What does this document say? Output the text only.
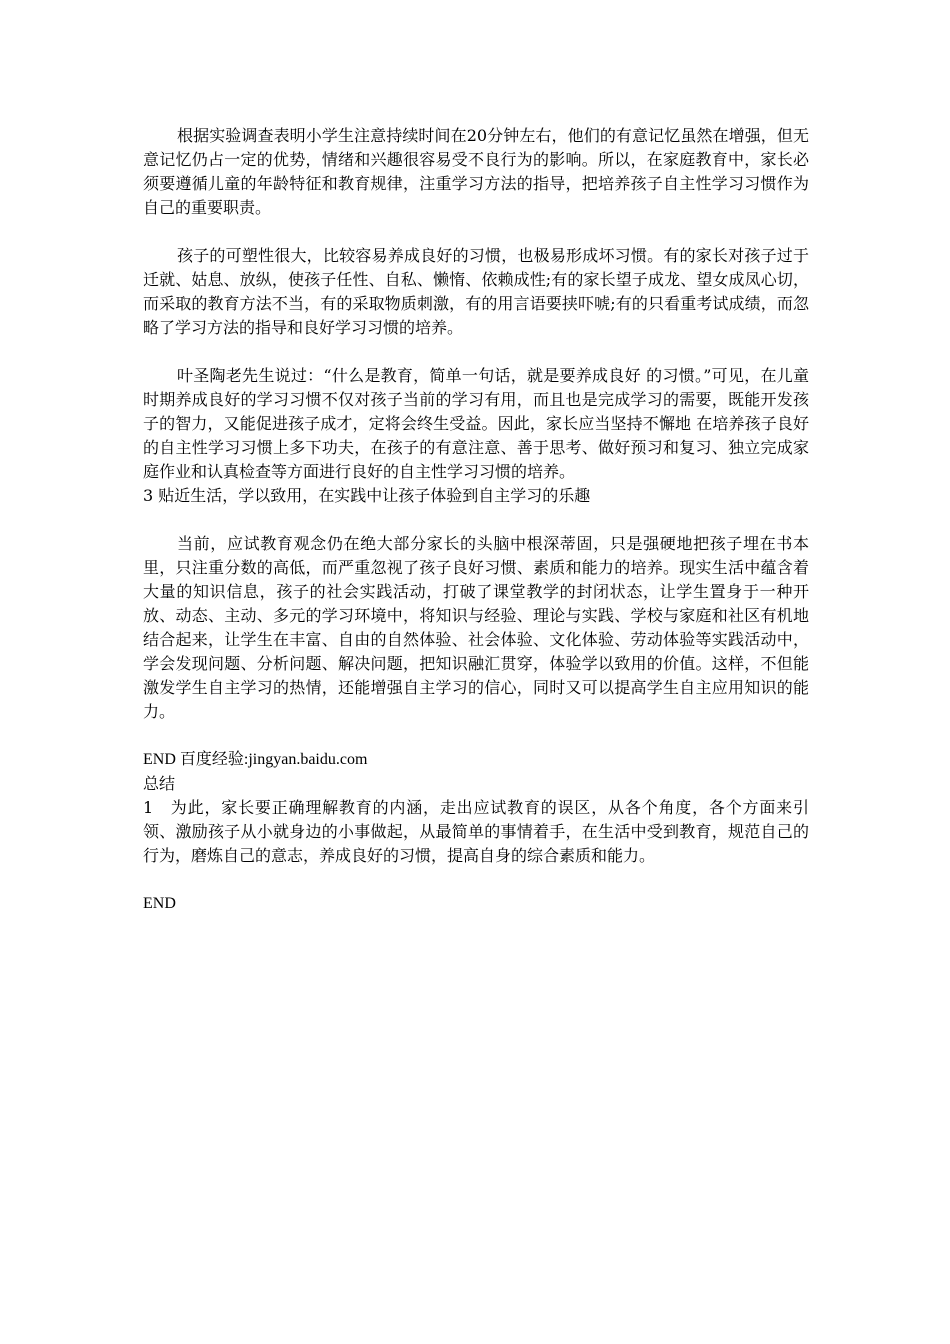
根据实验调查表明小学生注意持续时间在20分钟左右，他们的有意记忆虽然在增强，但无意记忆仍占一定的优势，情绪和兴趣很容易受不良行为的影响。所以，在家庭教育中，家长必须要遵循儿童的年龄特征和教育规律，注重学习方法的指导，把培养孩子自主性学习习惯作为自己的重要职责。

孩子的可塑性很大，比较容易养成良好的习惯，也极易形成坏习惯。有的家长对孩子过于迁就、姑息、放纵，使孩子任性、自私、懒惰、依赖成性;有的家长望子成龙、望女成凤心切，而采取的教育方法不当，有的采取物质刺激，有的用言语要挟吓唬;有的只看重考试成绩，而忽略了学习方法的指导和良好学习习惯的培养。

叶圣陶老先生说过：“什么是教育，简单一句话，就是要养成良好 的习惯。”可见，在儿童时期养成良好的学习习惯不仅对孩子当前的学习有用，而且也是完成学习的需要，既能开发孩子的智力，又能促进孩子成才，定将会终生受益。因此，家长应当坚持不懈地 在培养孩子良好的自主性学习习惯上多下功夫，在孩子的有意注意、善于思考、做好预习和复习、独立完成家庭作业和认真检查等方面进行良好的自主性学习习惯的培养。

3 贴近生活，学以致用，在实践中让孩子体验到自主学习的乐趣

当前，应试教育观念仍在绝大部分家长的头脑中根深蒂固，只是强硬地把孩子埋在书本里，只注重分数的高低，而严重忽视了孩子良好习惯、素质和能力的培养。现实生活中蕴含着大量的知识信息，孩子的社会实践活动，打破了课堂教学的封闭状态，让学生置身于一种开放、动态、主动、多元的学习环境中，将知识与经验、理论与实践、学校与家庭和社区有机地结合起来，让学生在丰富、自由的自然体验、社会体验、文化体验、劳动体验等实践活动中，学会发现问题、分析问题、解决问题，把知识融汇贯穿，体验学以致用的价值。这样，不但能激发学生自主学习的热情，还能增强自主学习的信心，同时又可以提高学生自主应用知识的能力。

END 百度经验:jingyan.baidu.com

总结

1　为此，家长要正确理解教育的内涵，走出应试教育的误区，从各个角度，各个方面来引领、激励孩子从小就身边的小事做起，从最简单的事情着手，在生活中受到教育，规范自己的行为，磨炼自己的意志，养成良好的习惯，提高自身的综合素质和能力。

END
